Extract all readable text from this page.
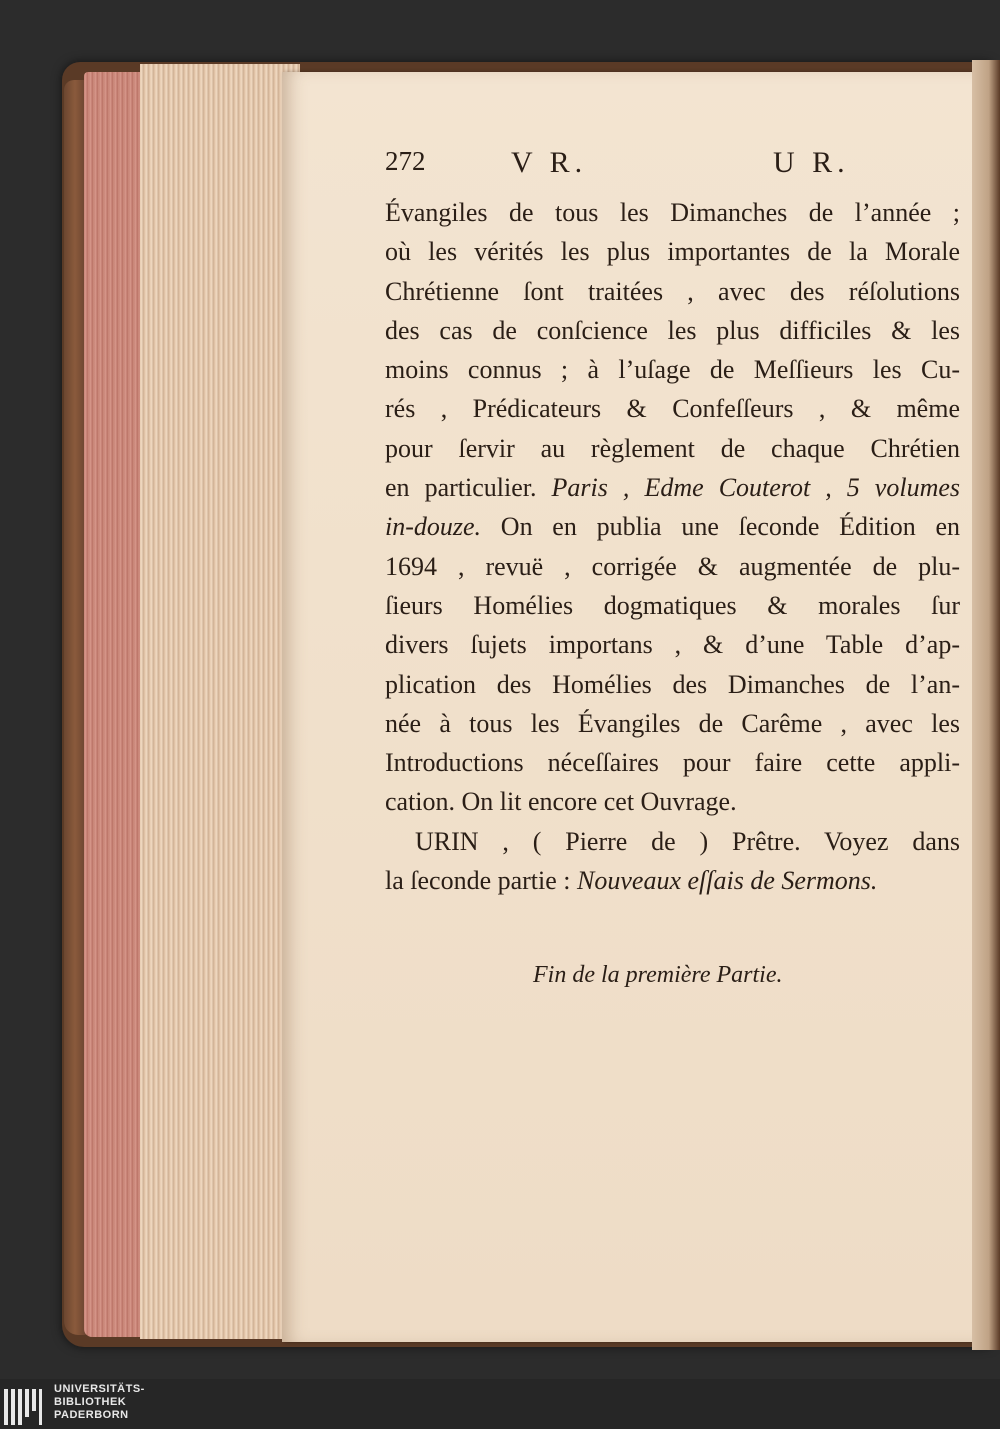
272	V R.	U R.
Évangiles de tous les Dimanches de l’année ;
où les vérités les plus importantes de la Morale
Chrétienne ſont traitées , avec des réſolutions
des cas de conſcience les plus difficiles & les
moins connus ; à l’uſage de Meſſieurs les Cu-
rés , Prédicateurs & Confeſſeurs , & même
pour ſervir au règlement de chaque Chrétien
en particulier. Paris , Edme Couterot , 5 volumes
in-douze. On en publia une ſeconde Édition en
1694 , revuë , corrigée & augmentée de plu-
ſieurs Homélies dogmatiques & morales ſur
divers ſujets importans , & d’une Table d’ap-
plication des Homélies des Dimanches de l’an-
née à tous les Évangiles de Carême , avec les
Introductions néceſſaires pour faire cette appli-
cation. On lit encore cet Ouvrage.
URIN , ( Pierre de ) Prêtre. Voyez dans
la ſeconde partie : Nouveaux eſſais de Sermons.
Fin de la première Partie.
UNIVERSITÄTS-
BIBLIOTHEK
PADERBORN
